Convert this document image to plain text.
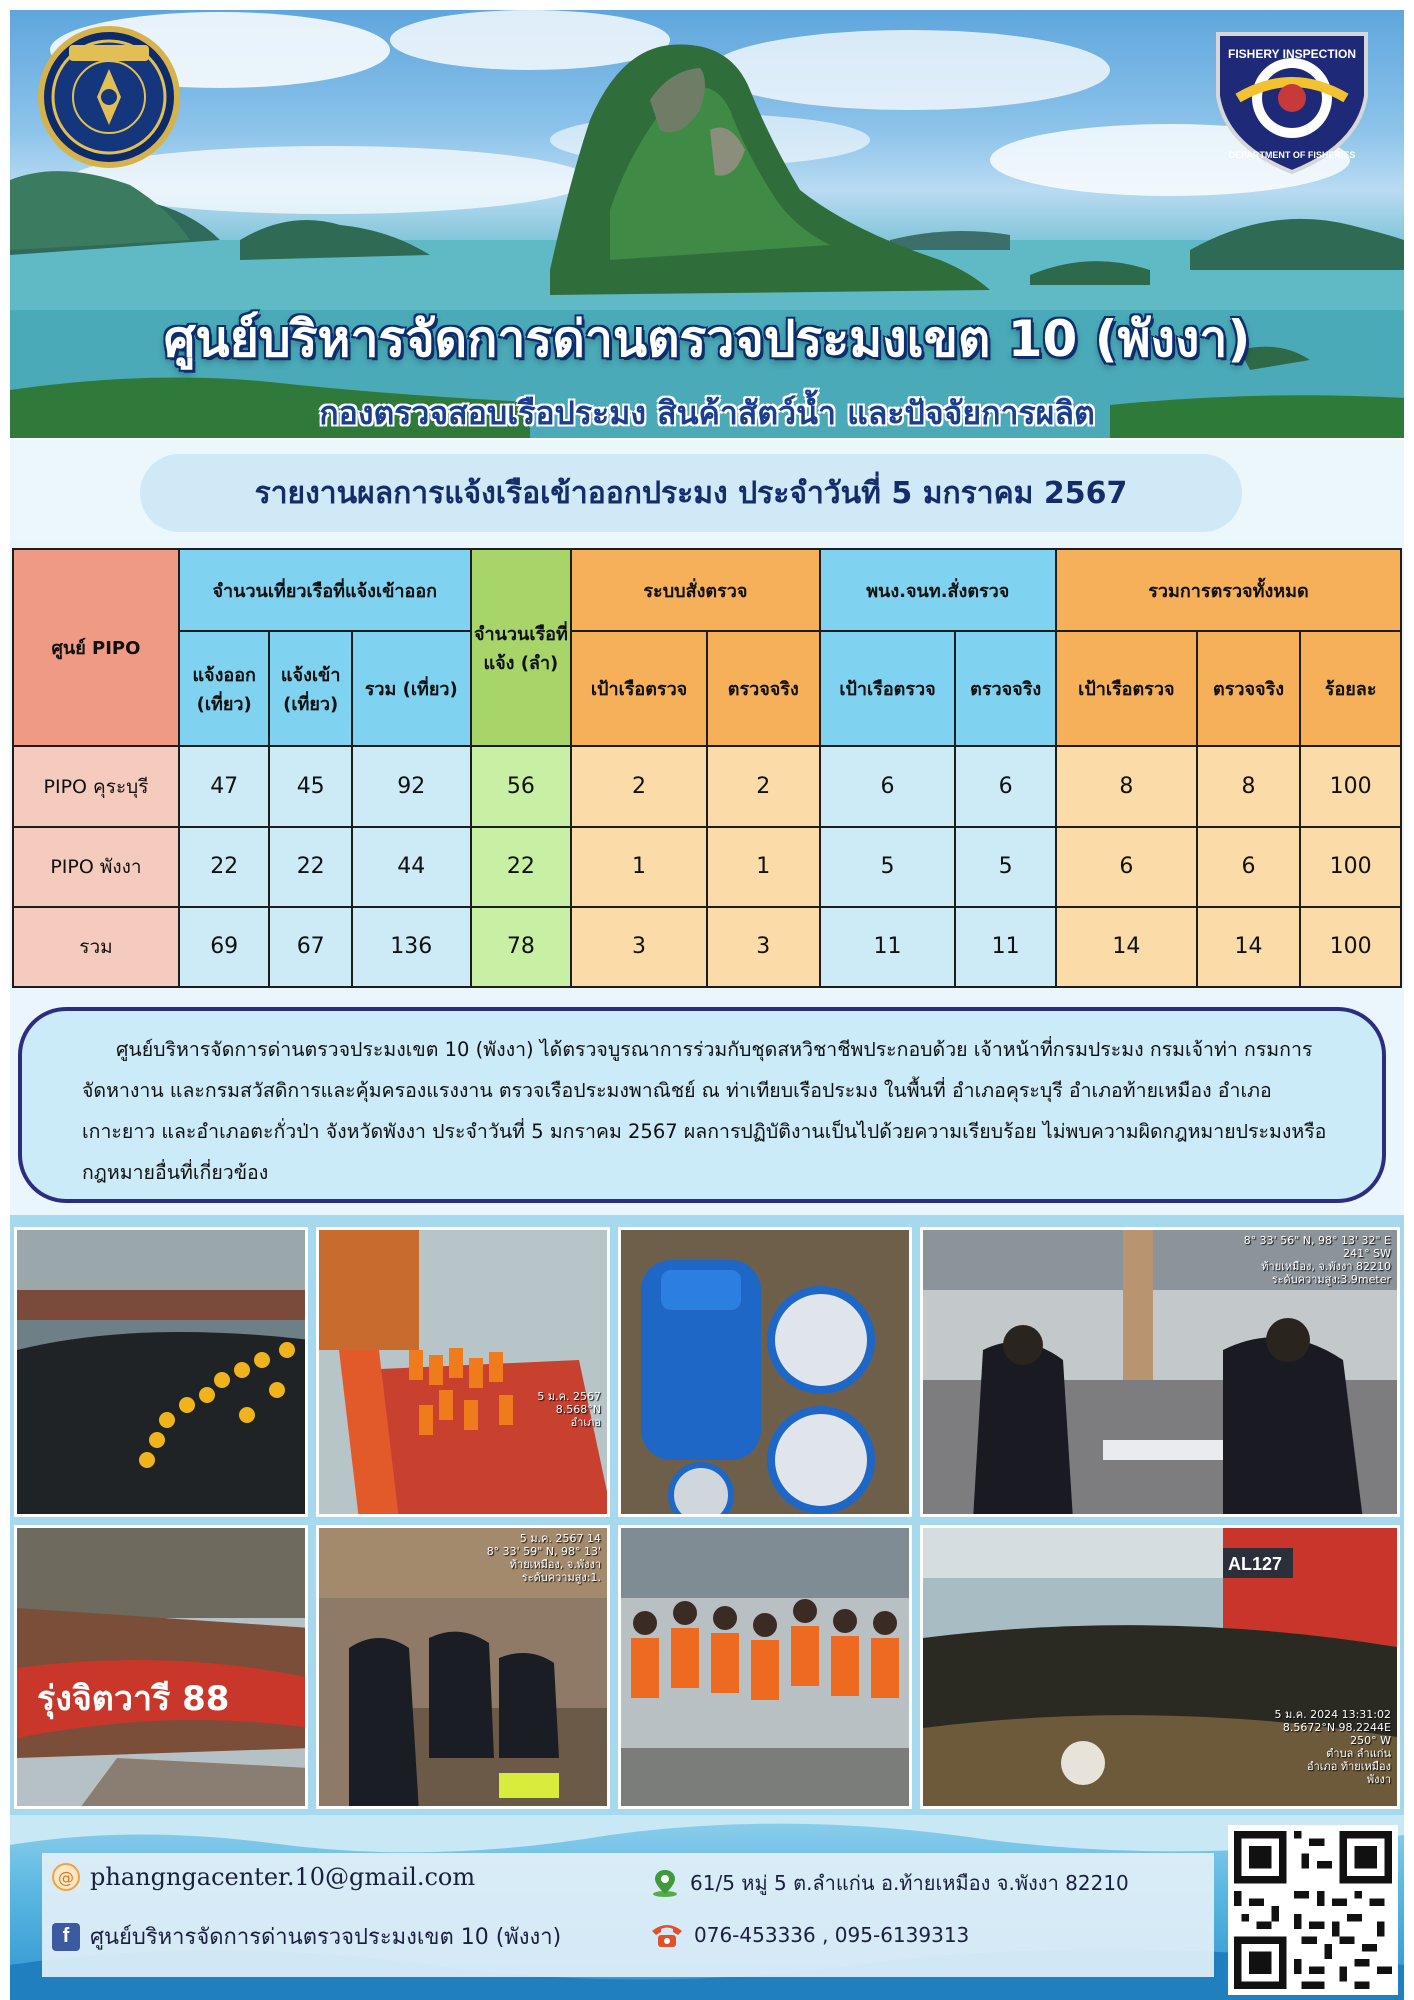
FISHERY INSPECTION
DEPARTMENT OF FISHERIES
ศูนย์บริหารจัดการด่านตรวจประมงเขต 10 (พังงา)
กองตรวจสอบเรือประมง สินค้าสัตว์น้ำ และปัจจัยการผลิต
รายงานผลการแจ้งเรือเข้าออกประมง ประจำวันที่ 5 มกราคม 2567
ศูนย์ PIPO	จำนวนเที่ยวเรือที่แจ้งเข้าออก			จำนวนเรือที่แจ้ง (ลำ)	ระบบสั่งตรวจ		พนง.จนท.สั่งตรวจ		รวมการตรวจทั้งหมด		
	แจ้งออก (เที่ยว)	แจ้งเข้า (เที่ยว)	รวม (เที่ยว)		เป้าเรือตรวจ	ตรวจจริง	เป้าเรือตรวจ	ตรวจจริง	เป้าเรือตรวจ	ตรวจจริง	ร้อยละ
PIPO คุระบุรี	47	45	92	56	2	2	6	6	8	8	100
PIPO พังงา	22	22	44	22	1	1	5	5	6	6	100
รวม	69	67	136	78	3	3	11	11	14	14	100

ศูนย์บริหารจัดการด่านตรวจประมงเขต 10 (พังงา) ได้ตรวจบูรณาการร่วมกับชุดสหวิชาชีพประกอบด้วย เจ้าหน้าที่กรมประมง กรมเจ้าท่า กรมการจัดหางาน และกรมสวัสดิการและคุ้มครองแรงงาน ตรวจเรือประมงพาณิชย์ ณ ท่าเทียบเรือประมง ในพื้นที่ อำเภอคุระบุรี อำเภอท้ายเหมือง อำเภอเกาะยาว และอำเภอตะกั่วป่า จังหวัดพังงา ประจำวันที่ 5 มกราคม 2567 ผลการปฏิบัติงานเป็นไปด้วยความเรียบร้อย ไม่พบความผิดกฎหมายประมงหรือกฎหมายอื่นที่เกี่ยวข้อง

5 ม.ค. 2567
8.568°N
อำเภอ
8° 33' 56" N, 98° 13' 32" E
241° SW
ท้ายเหมือง, จ.พังงา 82210
ระดับความสูง:3.9meter
รุ่งจิตวารี 88
5 ม.ค. 2567 14
8° 33' 59" N, 98° 13'
ท้ายเหมือง, จ.พังงา
ระดับความสูง:1.
AL127
5 ม.ค. 2024 13:31:02
8.5672°N 98.2244E
250° W
ตำบล ลำแก่น
อำเภอ ท้ายเหมือง
พังงา
@ phangngacenter.10@gmail.com
f ศูนย์บริหารจัดการด่านตรวจประมงเขต 10 (พังงา)
61/5 หมู่ 5 ต.ลำแก่น อ.ท้ายเหมือง จ.พังงา 82210
076-453336 , 095-6139313
